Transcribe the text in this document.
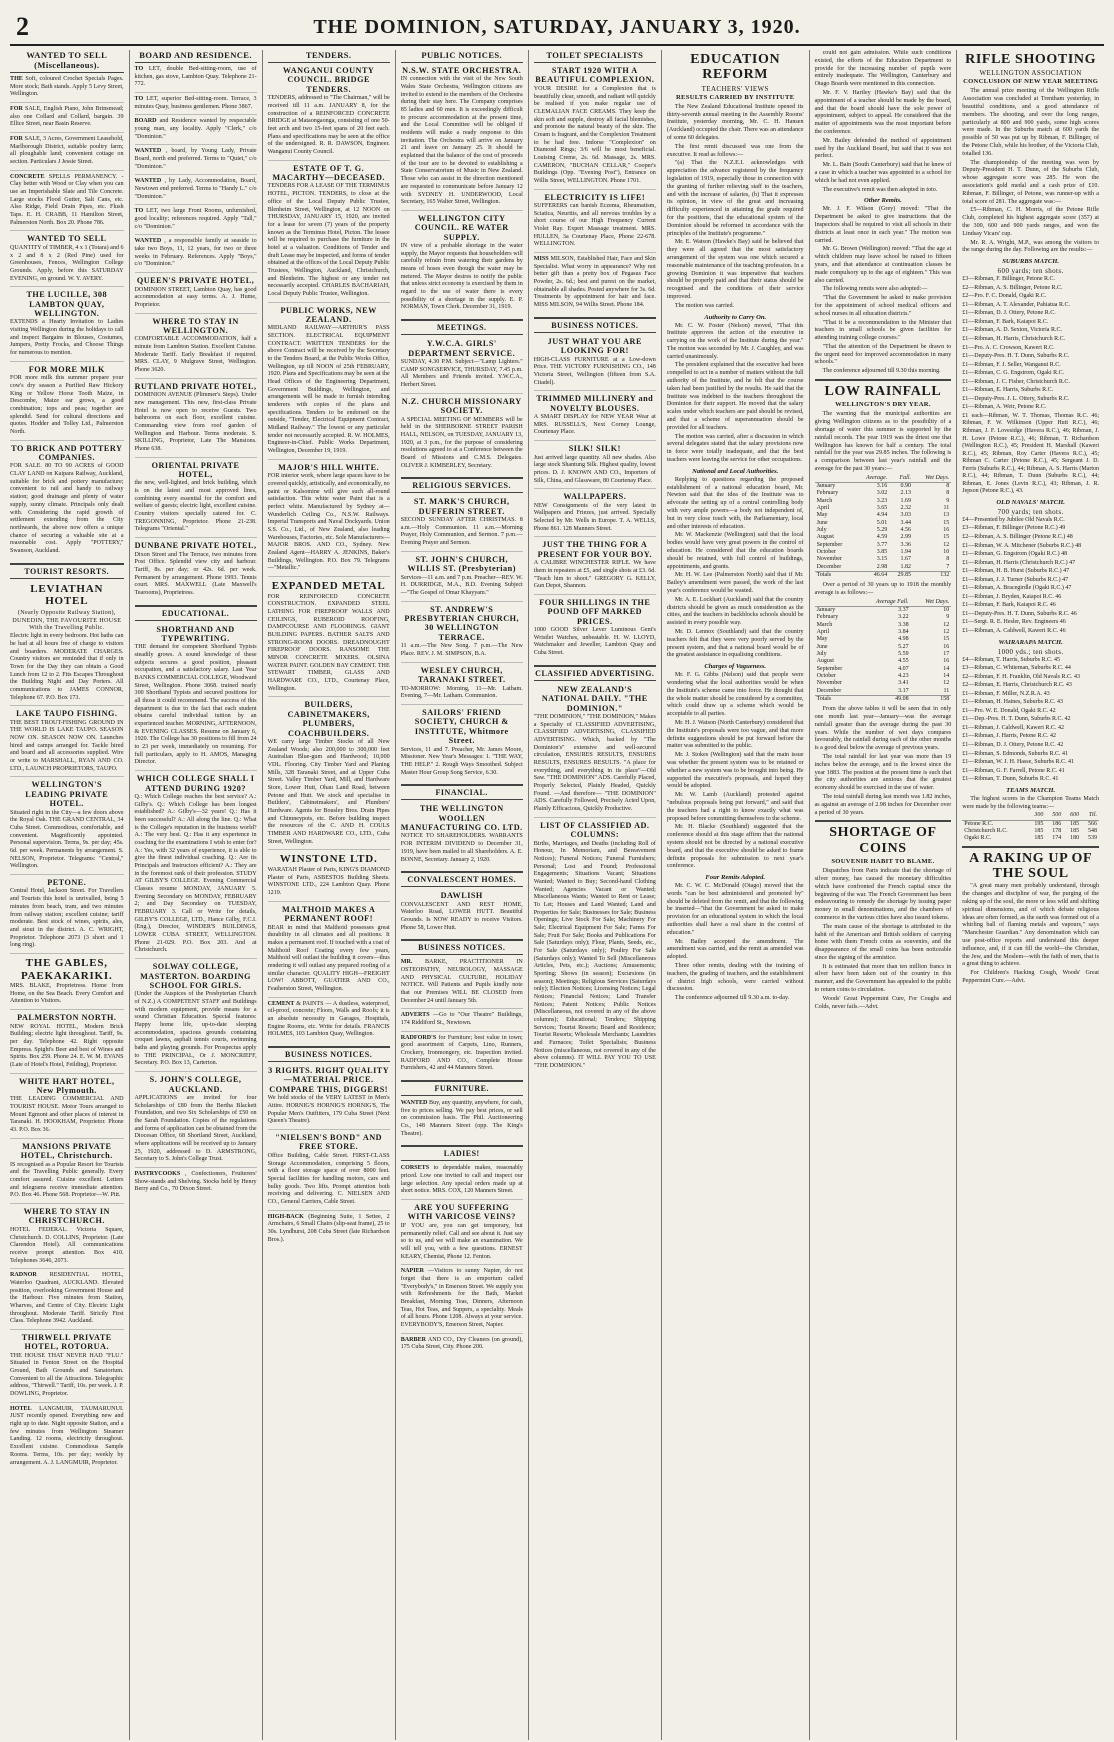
2	THE DOMINION, SATURDAY, JANUARY 3, 1920.
WANTED TO SELL (Miscellaneous).
THE Soft, coloured Crochet Specials Pages. More stock; Bath stands. Apply 5 Levy Street, Wellington.
FOR SALE, English Piano, John Brinsmead; also one Collard and Collard, bargain. 39 Ellice Street, near Basin Reserve.
FOR SALE, 3 Acres, Government Leasehold, Marlborough District, suitable poultry farm; all ploughable land; convenient cottage on section. Particulars J Jessie Street.
CONCRETE SPELLS PERMANENCY. - Clay better with Wood or Clay when you can use an Imperishable Slate and Tile Concrete. Large stocks Flood Gutter, Salt Cans, etc. Also Ridge, Field Drain Pipes, etc. Flush Taps. E. H. CRABB, 11 Hamilton Street, Palmerston North. Box 20. Phone 786.
WANTED TO SELL
QUANTITY of TIMBER, 4 x 1 (Totara) and 6 x 2 and 8 x 2 (Red Pine) used for Greenhouses, Fences, Wellington College Grounds. Apply, before this SATURDAY EVENING, on ground. W. Y. AVERY.
THE LUCILLE, 308 LAMBTON QUAY, WELLINGTON.
EXTENDS a Hearty Invitation to Ladies visiting Wellington during the holidays to call and inspect Bargains in Blouses, Costumes, Jumpers, Pretty Frocks, and Choose Things for numerous to mention.
FOR MORE MILK
FOR more milk this summer prepare your cow's dry season a Purified Raw Hickory King or Yellow Horse Tooth Maize, in Descombe, Maize ear grows, a good combination; tops and peas; together are splendid. Send for cultural directions and quotes. Hodder and Tolley Ltd., Palmerston North.
TO BRICK AND POTTERY COMPANIES.
FOR SALE. 80 TO 90 ACRES of GOOD CLAY LAND on Kaipara Railway, Auckland, suitable for brick and pottery manufacture; convenient to rail and handy to railway station; good drainage and plenty of water supply, sunny climate. Principals only dealt with. Considering the rapid growth of settlement extending from the City northwards, the above now offers a unique chance of securing a valuable site at a reasonable cost. Apply "POTTERY," Swanson, Auckland.
TOURIST RESORTS.
LEVIATHAN HOTEL
(Nearly Opposite Railway Station), DUNEDIN, THE FAVOURITE HOUSE With the Travelling Public.
Electric light in every bedroom. Hot baths can be had at all hours free of charge to visitors and boarders. MODERATE CHARGES. Country visitors are reminded that if only in Town for the Day they can obtain a Good Lunch from 12 to 2. Fits Escapes Throughout the Building Night and Day Porters. All communications to JAMES CONNOR, Telephone 67. P.O. Box 173.
LAKE TAUPO FISHING.
THE BEST TROUT-FISHING GROUND IN THE WORLD IS LAKE TAUPO. SEASON NOW ON. SEASON NOW ON. Launches hired and camps arranged for. Tackle hired and board and all accessories supplied. Wire or write to MARSHALL, RYAN AND CO. LTD., LAUNCH PROPRIETORS, TAUPO.
WELLINGTON'S LEADING PRIVATE HOTEL.
Situated right in the City—a few doors above the Royal Oak. THE GRAND CENTRAL, 34 Cuba Street. Commodious, comfortable, and convenient. Magnificently appointed. Personal supervision. Terms, 9s. per day; 45s. 6d. per week. Permanents by arrangement. S. NELSON, Proprietor. Telegrams: "Central," Wellington.
PETONE.
Central Hotel, Jackson Street. For Travellers and Tourists this hotel is unrivalled, being 5 minutes from beach, tram, and two minutes from railway station; excellent cuisine; tariff moderate. Best stock of wines, spirits, ales, and stout in the district. A. C. WRIGHT, Proprietor. Telephone 2073 (3 short and 1 long ring).
THE GABLES, PAEKAKARIKI.
MRS. BLAKE, Proprietress. Home from Home, on the Sea Beach. Every Comfort and Attention to Visitors.
PALMERSTON NORTH.
NEW ROYAL HOTEL, Modern Brick Building; electric light throughout. Tariff, 9s. per day. Telephone 42. Right opposite Empress. Spight's Beer and best of Wines and Spirits. Box 259. Phone 24. E. W. M. EVANS (Late of Hotel's Hotel, Feilding), Proprietor.
WHITE HART HOTEL, New Plymouth.
THE LEADING COMMERCIAL AND TOURIST HOUSE. Motor Tours arranged to Mount Egmont and other places of interest in Taranaki. H. HOOKHAM, Proprietor. Phone 43. P.O. Box 36.
MANSIONS PRIVATE HOTEL, Christchurch.
IS recognised as a Popular Resort for Tourists and the Travelling Public generally. Every comfort assured. Cuisine excellent. Letters and telegrams receive immediate attention. P.O. Box 46. Phone 568. Proprietor—W. Pitt.
WHERE TO STAY IN CHRISTCHURCH.
HOTEL FEDERAL. Victoria Square, Christchurch. D. COLLINS, Proprietor. (Late Clarendon Hotel). All communications receive prompt attention. Box 410. Telephones 3646, 2073.
RADNOR RESIDENTIAL HOTEL, Waterloo Quadrant, AUCKLAND. Elevated position, overlooking Government House and the Harbour. Five minutes from Station, Wharves, and Centre of City. Electric Light throughout. Moderate Tariff. Strictly First Class. Telephone 3942. Auckland.
THIRWELL PRIVATE HOTEL, ROTORUA.
THE HOUSE THAT NEVER HAD "FLU." Situated in Fenton Street on the Hospital Ground, Bath Grounds and Sanatorium. Convenient to all the Attractions. Telegraphic address, "Thirwell." Tariff, 10s. per week. J. P. DOWLING, Proprietor.
HOTEL LANGMUIR, TAUMARUNUI. JUST recently opened. Everything new and right up to date. Night opposite Station, and a few minutes from Wellington Steamer Landing. 12 rooms, electricity throughout. Excellent cuisine. Commodious Sample Rooms. Terms, 10s. per day; weekly by arrangement. A. J. LANGMUIR, Proprietor.
BOARD AND RESIDENCE.
TO LET, double Bed-sitting-room, use of kitchen, gas stove, Lambton Quay. Telephone 21-772.
TO LET, superior Bed-sitting-room. Terrace, 3 minutes Quay, business gentlemen. Phone 3867.
BOARD and Residence wanted by respectable young man, any locality. Apply "Clerk," c/o "Dominion."
WANTED , board, by Young Lady, Private Board, north end preferred. Terms to "Quiet," c/o "Dominion."
WANTED , by Lady, Accommodation, Board, Newtown end preferred. Terms to "Handy L." c/o "Dominion."
TO LET, two large Front Rooms, unfurnished, good locality; references required. Apply "Tall," c/o "Dominion."
WANTED , a responsible family at seaside to take two Boys, 11, 12 years, for two or three weeks in February. References. Apply "Boys," c/o "Dominion."
QUEEN'S PRIVATE HOTEL,
DOMINION STREET, Lambton Quay, has good accommodation at easy terms. A. J. Hume, Proprietor.
WHERE TO STAY IN WELLINGTON.
COMFORTABLE ACCOMMODATION, half a minute from Lambton Station. Excellent Cuisine. Moderate Tariff. Early Breakfast if required. MRS. CLAY, 9 Mulgrave Street, Wellington. Phone 3620.
RUTLAND PRIVATE HOTEL,
DOMINION AVENUE (Plimmer's Steps). Under new management. This new, first-class Private Hotel is now open to receive Guests. Two bathrooms on each floor, excellent cuisine. Commanding view from roof garden of Wellington and Harbour. Terms moderate. S. SKILLING, Proprietor, Late The Mansions. Phone 638.
ORIENTAL PRIVATE HOTEL,
the new, well-lighted, and brick building, which is on the latest and most approved lines, combining every essential for the comfort and welfare of guests; electric light, excellent cuisine. Country visitors specially catered for. C. TREGONNING, Proprietor. Phone 21-238. Telegrams "Oriental."
DUNBANE PRIVATE HOTEL,
Dixon Street and The Terrace, two minutes from Post Office. Splendid view city and harbour. Tariff, 8s. per day; or 42s. 6d. per week. Permanent by arrangement. Phone 1993. Tennis court. MRS. MAXWELL (Late Maxwell's Tearooms), Proprietress.
EDUCATIONAL.
SHORTHAND AND TYPEWRITING.
THE demand for competent Shorthand Typists steadily grows. A sound knowledge of these subjects secures a good position, pleasant occupation, and a satisfactory salary. Last Year BANKS COMMERCIAL COLLEGE, Woodward Street, Wellington. Phone 3068. trained nearly 300 Shorthand Typists and secured positions for all those it could recommend. The success of this department is due to the fact that each student obtains careful individual tuition by an experienced teacher. MORNING, AFTERNOON, & EVENING CLASSES. Resume on January 6, 1920. The College has 30 positions to fill from 24 to 23 per week, immediately on resuming. For full particulars, apply to H. AMOS, Managing Director.
WHICH COLLEGE SHALL I ATTEND DURING 1920?
Q.: Which College reaches the best service? A.: Gilby's. Q.: Which College has been longest established? A.: Gilby's—32 years! Q.: Has it been successful? A.: All along the line. Q.: What is the College's reputation in the business world? A.: The very best. Q.: Has it any experience in coaching for the examinations I wish to enter for? A.: Yes, with 32 years of experience, it is able to give the finest individual coaching. Q.: Are its Principals and Instructors efficient? A.: They are in the foremost rank of their profession. STUDY AT GILBY'S COLLEGE. Evening Commercial Classes resume MONDAY, JANUARY 5. Evening Secondary on MONDAY, FEBRUARY 2; and Day Secondary on TUESDAY, FEBRUARY 3. Call or Write for details, GILBY'S COLLEGE, LTD., Hance Gilby, F.C.I. (Eng.), Director, WINDER'S BUILDINGS, LOWER CUBA STREET, WELLINGTON. Phone 21-029. P.O. Box 203. And at Christchurch.
SOLWAY COLLEGE, MASTERTON. BOARDING SCHOOL FOR GIRLS.
(Under the Auspices of the Presbyterian Church of N.Z.) A COMPETENT STAFF and Buildings with modern equipment, provide means for a sound Christian Education. Special features: Happy home life, up-to-date sleeping accommodation, spacious grounds containing croquet lawns, asphalt tennis courts, swimming baths and playing grounds. For Prospectus apply to THE PRINCIPAL, Or J. MONCRIEFF, Secretary. P.O. Box 13, Carterton.
S. JOHN'S COLLEGE, AUCKLAND.
APPLICATIONS are invited for four Scholarships of £80 from the Bertha Blackett Foundation, and two Six Scholarships of £50 on the Sarah Foundation. Copies of the regulations and forms of application can be obtained from the Diocesan Office, 68 Shortland Street, Auckland, where applications will be received up to January 25, 1920, addressed to D. ARMSTRONG, Secretary to S. John's College Trust.
PASTRYCOOKS , Confectioners, Fruiterers' Show-stands and Shelving. Stocks held by Henry Berry and Co., 70 Dixon Street.
TENDERS.
WANGANUI COUNTY COUNCIL. BRIDGE TENDERS.
TENDERS, addressed to "The Chairman," will be received till 11 a.m. JANUARY 8, for the construction of a REINFORCED CONCRETE BRIDGE at Mataongaonga, consisting of one 50-feet arch and two 15-feet spans of 20 feet each. Plans and specifications may be seen at the office of the undersigned. R. R. DAWSON, Engineer. Wanganui County Council.
ESTATE OF T. G. MACARTHY—DECEASED.
TENDERS FOR A LEASE OF THE TERMINUS HOTEL, PICTON. TENDERS, to close at the office of the Local Deputy Public Trustee, Blenheim Street, Wellington, at 12 NOON on THURSDAY, JANUARY 15, 1920, are invited for a lease for seven (7) years of the property known as the Terminus Hotel, Picton. The lessee will be required to purchase the furniture in the hotel at a valuation. Conditions of Tender and draft Lease may be inspected, and forms of tender obtained at the offices of the Local Deputy Public Trustees, Wellington, Auckland, Christchurch, and Blenheim. The highest or any tender not necessarily accepted. CHARLES BACHARIAH, Local Deputy Public Trustee, Wellington.
PUBLIC WORKS, NEW ZEALAND.
MIDLAND RAILWAY—ARTHUR'S PASS SECTION. ELECTRICAL EQUIPMENT CONTRACT. WRITTEN TENDERS for the above Contract will be received by the Secretary to the Tenders Board, at the Public Works Office, Wellington, up till NOON of 25th FEBRUARY, 1920. Plans and Specifications may be seen at the Head Offices of the Engineering Department, Government Buildings, Wellington, and arrangements will be made to furnish intending tenderers with copies of the plans and specifications. Tenders to be endorsed on the outside, "Tender, Electrical Equipment Contract, Midland Railway." The lowest or any particular tender not necessarily accepted. R. W. HOLMES, Engineer-in-Chief. Public Works Department, Wellington, December 19, 1919.
MAJOR'S HILL WHITE.
FOR interior work, where large spaces have to be covered quickly, artistically, and economically, no paint or Kalsomine will give such all-round satisfaction. This white water Paint that is a perfect white. Manufactured by Sydney at—Wunderlich Ceiling Co., N.S.W. Railways. Imperial Transports and Naval Dockyards. Union S.S. Co., Ltd., of New Zealand, also leading Warehouses, Factories, etc. Sole Manufacturers—MAJOR BROS. AND CO., Sydney. New Zealand Agent—HARRY A. JENKINS, Baker's Buildings, Wellington. P.O. Box 79. Telegrams—"Metallic."
EXPANDED METAL
FOR REINFORCED CONCRETE CONSTRUCTION. EXPANDED STEEL LATHING FOR FIREPROOF WALLS AND CEILINGS, RUBEROID ROOFING, DAMPCOURSE AND FLOORINGS. GIANT BUILDING PAPERS. BATHER SALTS AND STRONG-ROOM DOORS. DREADNOUGHT FIREPROOF DOORS. RANSOME THE MINOR CONCRETE MIXERS. OLSINA WATER PAINT. GOLDEN BAY CEMENT. THE STEWART TIMBER, GLASS AND HARDWARE CO., LTD., Courtenay Place, Wellington.
BUILDERS, CABINETMAKERS, PLUMBERS, COACHBUILDERS.
WE carry large Timber Stocks of all New Zealand Woods; also 200,000 to 300,000 feet Australian Blue-gum and Hardwood; 10,000 VDL. Flooring. City Timber Yard and Planing Mills, 328 Taranaki Street, and at Upper Cuba Street. Valley Timber Yard, Mill, and Hardware Store, Lower Hutt, Ohau Land Road, between Petone and Hutt. We stock and specialise in Builders', Cabinetmakers', and Plumbers' Hardware. Agents for Bousley Bros. Drain Pipes and Chimneypots, etc. Before building inspect the resources of the C. AND H. COULS TIMBER AND HARDWARE CO., LTD., Cuba Street, Wellington.
WINSTONE LTD.
WARATAH Plaster of Paris, KING'S DIAMOND Plaster of Paris, ASBESTOS Building Sheets. WINSTONE LTD., 224 Lambton Quay. Phone 1219.
MALTHOID MAKES A PERMANENT ROOF!
BEAR in mind that Malthoid possesses great durability in all climates and all positions. It makes a permanent roof. If touched with a coat of Malthoid Roof Coating every few years, Malthoid will outlast the building it covers—thus rendering it will outlast any prepared roofing of a similar character. QUALITY HIGH—FREIGHT LOW! ABBOTT, GUATIER AND CO., Featherston Street, Wellington.
CEMENT & PAINTS — A dustless, waterproof, oil-proof, concrete; Floors, Walls and Roofs; it is an absolute necessity in Garages, Hospitals, Engine Rooms, etc. Write for details. FRANCIS HOLMES, 103 Lambton Quay, Wellington.
BUSINESS NOTICES.
3 RIGHTS. RIGHT QUALITY—MATERIAL PRICE. COMPARE THIS, DIGGERS!
We hold stocks of the VERY LATEST in Men's Attire. HORNIG'S HORNIG'S HORNIG'S, The Popular Men's Outfitters, 179 Cuba Street (Next Queen's Theatre).
"NIELSEN'S BOND" AND FREE STORE.
Office Building, Cable Street. FIRST-CLASS Storage Accommodation, comprising 5 floors, with a floor storage space of over 8000 feet. Special facilities for handling motors, cars and bulky goods. Two lifts. Prompt attention both receiving and delivering. C. NIELSEN AND CO., General Carriers, Cable Street.
HIGH-BACK (Beginning Suite, 1 Settee, 2 Armchairs, 6 Small Chairs (slip-seat frame), 25 to 30s. Lyndhurst, 208 Cuba Street (late Richardson Bros.).
PUBLIC NOTICES.
N.S.W. STATE ORCHESTRA.
IN connection with the visit of the New South Wales State Orchestra, Wellington citizens are invited to extend to the members of the Orchestra during their stay here. The Company comprises 85 ladies and 60 men. It is exceedingly difficult to procure accommodation at the present time, and the Local Committee will be obliged if residents will make a ready response to this invitation. The Orchestra will arrive on January 21 and leave on January 25. It should be explained that the balance of the cost of proceeds of the tour are to be devoted to establishing a State Conservatorium of Music in New Zealand. Those who can assist in the direction mentioned are requested to communicate before January 12 with SYDNEY H. UNDERWOOD, Local Secretary, 165 Walter Street, Wellington.
WELLINGTON CITY COUNCIL. RE WATER SUPPLY.
IN view of a probable shortage in the water supply, the Mayor requests that householders will carefully refrain from watering their gardens by means of hoses even though the water may be metered. The Mayor desires to notify the public that unless strict economy is exercised by them in regard to the use of water there is every possibility of a shortage in the supply. E. P. NORMAN, Town Clerk. December 31, 1919.
MEETINGS.
Y.W.C.A. GIRLS' DEPARTMENT SERVICE.
SUNDAY, 4.30 P.M. Subject—"Lamp Lighters." CAMP SONGSERVICE, THURSDAY, 7.45 p.m. All Members and Friends invited. Y.W.C.A., Herbert Street.
N.Z. CHURCH MISSIONARY SOCIETY.
A SPECIAL MEETING OF MEMBERS will be held in the SHERBORNE STREET PARISH HALL, NELSON, on TUESDAY, JANUARY 13, 1920, at 3 p.m., for the purpose of considering resolutions agreed to at a Conference between the Board of Missions and C.M.S. Delegates. OLIVER J. KIMBERLEY, Secretary.
RELIGIOUS SERVICES.
ST. MARK'S CHURCH, DUFFERIN STREET.
SECOND SUNDAY AFTER CHRISTMAS. 8 a.m.—Holy Communion. 11 a.m.—Morning Prayer, Holy Communion, and Sermon. 7 p.m.—Evening Prayer and Sermon.
ST. JOHN'S CHURCH, WILLIS ST. (Presbyterian)
Services—11 a.m. and 7 p.m. Preacher—REV. W. H. DURRIDGE, M.A., B.D. Evening Subject—"The Gospel of Omar Khayyam."
ST. ANDREW'S PRESBYTERIAN CHURCH, 30 WELLINGTON TERRACE.
11 a.m.—The New Song. 7 p.m.—The New Place. REV. J. M. SIMPSON, B.A.
WESLEY CHURCH, TARANAKI STREET.
TO-MORROW: Morning, 11—Mr. Latham. Evening, 7—Mr. Latham. Communion.
SAILORS' FRIEND SOCIETY, CHURCH & INSTITUTE, Whitmore Street.
Services, 11 and 7. Preacher, Mr. James Moore, Missioner. New Year's Messages: 1. "THE WAY, THE HELP." 2. Rough Ways Smoothed. Subject Master Hour Group Song Service, 6.30.
FINANCIAL.
THE WELLINGTON WOOLLEN MANUFACTURING CO. LTD.
NOTICE TO SHAREHOLDERS. WARRANTS FOR INTERIM DIVIDEND to December 31, 1919, have been mailed to all Shareholders. A. E. BONNE, Secretary. January 2, 1920.
CONVALESCENT HOMES.
DAWLISH
CONVALESCENT AND REST HOME, Waterloo Road, LOWER HUTT. Beautiful Grounds. Is NOW READY to receive Visitors. Phone 58, Lower Hutt.
BUSINESS NOTICES.
MR. BARKE, PRACTITIONER IN OSTEOPATHY, NEUROLOGY, MASSAGE AND PHYSICAL CULTURE, HOLIDAY NOTICE. Will Patients and Pupils kindly note that our Premises WILL BE CLOSED from December 24 until January 5th.
ADVERTS —Go to "Our Theatre" Buildings, 174 Riddiford St., Newtown.
RADFORD'S for Furniture; best value in town; good assortment of Carpets, Lino, Runners, Crockery, Ironmongery, etc. Inspection invited. RADFORD AND CO., Complete House Furnishers, 42 and 44 Manners Street.
FURNITURE.
WANTED Buy, any quantity, anywhere, for cash, five to prices selling. We pay best prices, or sell on commission basis. The Phil. Auctioneering Co., 148 Manners Street (opp. The King's Theatre).
LADIES!
CORSETS to dependable makes, reasonably priced. Low one invited to call and inspect our large selection. Any special orders made up at short notice. MRS. COX, 120 Manners Street.
ARE YOU SUFFERING WITH VARICOSE VEINS?
IF YOU are, you can get temporary, but permanently relief. Call and see about it. Just say so to us, and we will make an examination. We will tell you, with a few questions. ERNEST KEARY, Chemist, Phone 12. Fenton.
NAPIER —Visitors to sunny Napier, do not forget that there is an emporium called "Everybody's," in Emerson Street. We supply you with Refreshments for the Bath, Market Breakfast, Morning Teas, Dinners, Afternoon Teas, Hot Teas, and Suppers, a speciality. Meals of all hours. Phone 1208. Always at your service. EVERYBODY'S, Emerson Street, Napier.
BARBER AND CO., Dry Cleaners (on ground), 175 Cuba Street, City. Phone 200.
TOILET SPECIALISTS
START 1920 WITH A BEAUTIFUL COMPLEXION.
YOUR DESIRE for a Complexion that is beautifully clear, smooth, and radiant will quickly be realised if you make regular use of CLEMALIAN FACE CREAMS. They keep the skin soft and supple, destroy all facial blemishes, and promote the natural beauty of the skin. The Cream is fragrant, and the Complexion Treatment to be had free. Indorse "Complexion" on Diamond Rings; 3/6 will be most beneficial. Louising Creme, 2s. 6d. Massage, 2s. MRS. CAMERON, "BUCHAN CELLAR," Cooper's Buildings (Opp. "Evening Post"), Entrance on Willis Street, WELLINGTON. Phone 1701.
ELECTRICITY IS LIFE!
SUFFERERS can banish Eczema, Rheumatism, Sciatica, Neuritis, and all nervous troubles by a short course of our High Frequency Current Violet Ray. Expert Massage treatment. MRS. HULLEN, 3a Courtenay Place, Phone 22-678. WELLINGTON.
MISS MILSON, Established Hair, Face and Skin Specialist. What worry in appearance? Why not better gift than a pretty box of Pegasus Face Powder, 2s. 6d.; best and purest on the market, obtainable all shades. Posted anywhere for 3s. 6d. Treatments by appointment for hair and face. MISS MILSON, 94 Willis Street. Phone 184.
BUSINESS NOTICES.
JUST WHAT YOU ARE LOOKING FOR!
HIGH-CLASS FURNITURE at a Low-down Price. THE VICTORY FURNISHING CO., 148 Victoria Street, Wellington (fifteen from S.A. Citadel).
TRIMMED MILLINERY and NOVELTY BLOUSES.
A SMART DISPLAY for NEW YEAR Wear at MRS. RUSSELL'S, Next Corney Lounge, Courtenay Place.
SILK! SILK!
Just arrived large quantity. All new shades. Also large stock Shantung Silk. Highest quality, lowest prices. D. J. KNOWN AND CO., Importers of Silk, China, and Glassware, 80 Courtenay Place.
WALLPAPERS.
NEW Consignments of the very latest in Wallpapers and Friezes, just arrived. Specially Selected by Mr. Wells in Europe. T. A. WELLS, Phone 861. 128 Manners Street.
JUST THE THING FOR A PRESENT FOR YOUR BOY.
A CALIBRE WINCHESTER RIFLE. We have them in repeaters at £5, and single shots at £3. 6d. "Teach him to shoot." GREGORY G. KELLY, Gun Depot, Shannon.
FOUR SHILLINGS IN THE POUND OFF MARKED PRICES.
1000 GOOD Silver Lever Luminous Gent's Wristlet Watches, unbeatable. H. W. LLOYD, Watchmaker and Jeweller, Lambton Quay and Cuba Street.
CLASSIFIED ADVERTISING.
NEW ZEALAND'S NATIONAL DAILY. "THE DOMINION."
"THE DOMINION," "THE DOMINION," Makes a Specialty of CLASSIFIED ADVERTISING, CLASSIFIED ADVERTISING, CLASSIFIED ADVERTISING. Which, backed by "The Dominion's" extensive and well-secured circulation, ENSURES RESULTS, ENSURES RESULTS, ENSURES RESULTS. "A place for everything, and everything in its place"—Old Saw. "THE DOMINION" ADS. Carefully Placed, Properly Selected, Plainly Headed, Quickly Found. —And therefore— "THE DOMINION" ADS. Carefully Followed, Precisely Acted Upon, Plainly Efficacious, Quickly Productive.
LIST OF CLASSIFIED AD. COLUMNS:
Births, Marriages, and Deaths (including Roll of Honour, In Memoriam, and Bereavement Notices); Funeral Notices; Funeral Furnishers; Personal; Lost and Found; Professional Engagements; Situations Vacant; Situations Wanted; Wanted to Buy; Second-hand Clothing Wanted; Agencies Vacant or Wanted; Miscellaneous Wants; Wanted to Rent or Lease; To Let; Houses and Land Wanted; Land and Properties for Sale; Businesses for Sale; Business Openings; Live Stock For Sale; Machinery For Sale; Electrical Equipment For Sale; Farms For Sale; Fruit For Sale; Books and Publications For Sale (Saturdays only); Flour, Plants, Seeds, etc., For Sale (Saturdays only); Poultry For Sale (Saturdays only); Wanted To Sell (Miscellaneous Articles, Pets, etc.); Auctions; Amusements; Sporting; Shows (in season); Excursions (in season); Meetings; Religious Services (Saturdays only); Election Notices; Licensing Notices; Legal Notices; Financial Notices; Land Transfer Notices; Patent Notices; Public Notices (Miscellaneous, not covered in any of the above columns); Educational; Tenders; Shipping Services; Tourist Resorts; Board and Residence; Tourist Resorts; Wholesale Merchants; Laundries and Furnaces; Toilet Specialists; Business Notices (miscellaneous, not covered in any of the above columns). IT WILL PAY YOU TO USE "THE DOMINION."
EDUCATION REFORM
TEACHERS' VIEWS
RESULTS CARRIED BY INSTITUTE
The New Zealand Educational Institute opened its thirty-seventh annual meeting in the Assembly Rooms' Institute, yesterday morning, Mr. C. H. Hansen (Auckland) occupied the chair. There was an attendance of some 60 delegates.
The first remit discussed was one from the executive. It read as follows:—
"(a) That the N.Z.E.I. acknowledges with appreciation the advance registered by the frequency legislation of 1919, especially those in connection with the granting of further relieving staff to the teachers, and with the increase of salaries, (b) That it expresses its opinion, in view of the great and increasing difficulty experienced in attaining the grade required for the positions, that the educational system of the Dominion should be reformed in accordance with the principles of the Institute's programme."
Mr. E. Watson (Hawke's Bay) said he believed that they were all agreed that the most satisfactory arrangement of the system was one which secured a reasonable maintenance of the teaching profession. In a growing Dominion it was imperative that teachers should be properly paid and that their status should be recognised and the conditions of their service improved.
The motion was carried.
Authority to Carry On.
Mr. C. W. Foster (Nelson) moved, "That this Institute approves the action of the executive in carrying on the work of the Institute during the year." The motion was seconded by Mr. J. Caughley, and was carried unanimously.
The president explained that the executive had been compelled to act in a number of matters without the full authority of the Institute, and he felt that the course taken had been justified by the results. He said that the Institute was indebted to the teachers throughout the Dominion for their support. He moved that the salary scales under which teachers are paid should be revised, and that a scheme of superannuation should be provided for all teachers.
The motion was carried, after a discussion in which several delegates stated that the salary provisions now in force were totally inadequate, and that the best teachers were leaving the service for other occupations.
National and Local Authorities.
Replying to questions regarding the proposed establishment of a national education board, Mr. Newton said that the idea of the Institute was to advocate the setting up of a central controlling body with very ample powers—a body not independent of, but in very close touch with, the Parliamentary, local and other interests of education.
Mr. W. Mackenzie (Wellington) said that the local bodies would have very great powers in the control of education. He considered that the education boards should be retained, with full control of buildings, appointments, and grants.
Mr. H. W. Lee (Palmerston North) said that if Mr. Bailey's amendment were passed, the work of the last year's conference would be wasted.
Mr. A. E. Lockhart (Auckland) said that the country districts should be given as much consideration as the cities, and the teachers in backblocks schools should be assisted in every possible way.
Mr. D. Lennox (Southland) said that the country teachers felt that they were very poorly served by the present system, and that a national board would be of the greatest assistance in equalising conditions.
Charges of Vagueness.
Mr. F. G. Gibbs (Nelson) said that people were wondering what the local authorities would be when the Institute's scheme came into force. He thought that the whole matter should be considered by a committee, which could draw up a scheme which would be acceptable to all parties.
Mr. H. J. Watson (North Canterbury) considered that the Institute's proposals were too vague, and that more definite suggestions should be put forward before the matter was submitted to the public.
Mr. J. Stokes (Wellington) said that the main issue was whether the present system was to be retained or whether a new system was to be brought into being. He supported the executive's proposals, and hoped they would be adopted.
Mr. W. Lamb (Auckland) protested against "nebulous proposals being put forward," and said that the teachers had a right to know exactly what was proposed before committing themselves to the scheme.
Mr. H. Blacke (Southland) suggested that the conference should at this stage affirm that the national system should not be directed by a national executive board, and that the executive should be asked to frame definite proposals for submission to next year's conference.
Four Remits Adopted.
Mr. C. W. C. McDonald (Otago) moved that the words "can be best administered and promoted by" should be deleted from the remit, and that the following be inserted—"that the Government be asked to make provision for an educational system in which the local authorities shall have a real share in the control of education."
Mr. Bailey accepted the amendment. The amendment was carried, and the remit as amended was adopted.
Three other remits, dealing with the training of teachers, the grading of teachers, and the establishment of district high schools, were carried without discussion.
The conference adjourned till 9.30 a.m. to-day.
could not gain admission. While such conditions existed, the efforts of the Education Department to provide for the increasing number of pupils were entirely inadequate. The Wellington, Canterbury and Otago Boards were mentioned in this connection.
Mr. F. V. Hartley (Hawke's Bay) said that the appointment of a teacher should be made by the board, and that the board should have the sole power of appointment, subject to appeal. He considered that the matter of appointments was the most important before the conference.
Mr. Bailey defended the method of appointment used by the Auckland Board, but said that it was not perfect.
Mr. L. Bain (South Canterbury) said that he knew of a case in which a teacher was appointed to a school for which he had not even applied.
The executive's remit was then adopted in toto.
Other Remits.
Mr. J. F. Wilson (Grey) moved: "That the Department be asked to give instructions that the Inspectors shall be required to visit all schools in their districts at least once in each year." The motion was carried.
Mr. G. Brown (Wellington) moved: "That the age at which children may leave school be raised to fifteen years, and that attendance at continuation classes be made compulsory up to the age of eighteen." This was also carried.
The following remits were also adopted:—
"That the Government be asked to make provision for the appointment of school medical officers and school nurses in all education districts."
"That it be a recommendation to the Minister that teachers in small schools be given facilities for attending training college courses."
"That the attention of the Department be drawn to the urgent need for improved accommodation in many schools."
The conference adjourned till 9.30 this morning.
LOW RAINFALL
WELLINGTON'S DRY YEAR.
The warning that the municipal authorities are giving Wellington citizens as to the possibility of a shortage of water this summer is supported by the rainfall records. The year 1919 was the driest one that Wellington has known for half a century. The total rainfall for the year was 29.85 inches. The following is a comparison between last year's rainfall and the average for the past 30 years:—
	Average.	Fall.	Wet Days.
January	3.16	0.90	8
February	3.02	2.13	8
March	3.23	1.69	9
April	3.65	2.32	11
May	4.94	3.03	13
June	5.01	3.44	15
July	5.29	4.56	16
August	4.59	2.99	15
September	3.77	3.36	12
October	3.85	1.94	10
November	3.15	1.67	8
December	2.98	1.82	7
Totals	46.64	29.85	132
Over a period of 30 years up to 1918 the monthly average is as follows:—
	Average Fall.	Wet Days.
January	3.37	10
February	3.22	9
March	3.38	12
April	3.84	12
May	4.98	15
June	5.27	16
July	5.59	17
August	4.55	16
September	4.07	14
October	4.23	14
November	3.41	12
December	3.17	11
Totals	49.08	158
From the above tables it will be seen that in only one month last year—January—was the average rainfall greater than the average during the past 30 years. While the number of wet days compares favourably, the rainfall during each of the other months is a good deal below the average of previous years.
The total rainfall for last year was more than 19 inches below the average, and is the lowest since the year 1883. The position at the present time is such that the city authorities are anxious that the greatest economy should be exercised in the use of water.
The total rainfall during last month was 1.82 inches, as against an average of 2.98 inches for December over a period of 30 years.
SHORTAGE OF COINS
SOUVENIR HABIT TO BLAME.
Dispatches from Paris indicate that the shortage of silver money, has caused the monetary difficulties which have confronted the French capital since the beginning of the war. The French Government has been endeavouring to remedy the shortage by issuing paper money in small denominations, and the chambers of commerce in the various cities have also issued tokens.
The main cause of the shortage is attributed to the habit of the American and British soldiers of carrying home with them French coins as souvenirs, and the disappearance of the small coins has been noticeable since the signing of the armistice.
It is estimated that more than ten million francs in silver have been taken out of the country in this manner, and the Government has appealed to the public to return coins to circulation.
Woods' Great Peppermint Cure, For Coughs and Colds, never fails.—Advt.
RIFLE SHOOTING
WELLINGTON ASSOCIATION
CONCLUSION OF NEW YEAR MEETING
The annual prize meeting of the Wellington Rifle Association was concluded at Trentham yesterday, in beautiful conditions, and a good attendance of members. The shooting, and over the long ranges, particularly at 800 and 900 yards, some high scores were made. In the Suburbs match at 600 yards the possible of 50 was put up by Ribman, F. Billinger, of the Petone Club, while his brother, of the Victoria Club, totalled 136.
The championship of the meeting was won by Deputy-President H. T. Dunn, of the Suburbs Club, whose aggregate score was 285. He won the association's gold medal and a cash prize of £10. Ribman, F. Billinger, of Petone, was runner-up with a total score of 281. The aggregate was:—
£5—Ribman, C. H. Morris, of the Petone Rifle Club, completed his highest aggregate score (357) at the 300, 600 and 900 yards ranges, and won the Lindsay Vicars' cup.
Mr. R. A. Wright, M.P., was among the visitors to the range during the day. Following are the results:—
SUBURBS MATCH.
600 yards; ten shots.
£3—Ribman, F. Billinger, Petone R.C.
£2—Ribman, A. S. Billinger, Petone R.C.
£2—Pro. F. C. Donald, Ogaki R.C.
£1—Ribman, A. T. Alexander, Pahiatua R.C.
£1—Ribman, D. J. Ottery, Petone R.C.
£1—Ribman, F. Bark, Kaiapoi R.C.
£1—Ribman, A. D. Sexton, Victoria R.C.
£1—Ribman, H. Harris, Christchurch R.C.
£1—Pro. A. C. Crowson, Kaweri R.C.
£1—Deputy-Pres. H. T. Dunn, Suburbs R.C.
£1—Ribman, F. J. Seller, Wanganui R.C.
£1—Ribman, C. G. Engstrom, Ogaki R.C.
£1—Ribman, J. C. Fisher, Christchurch R.C.
£1—Ribman, E. Harris, Suburbs R.C.
£1—Deputy-Pres. J. L. Ottery, Suburbs R.C.
£1—Ribman, A. Weir, Petone R.C.
£1 each—Ribman, W. T. Thomas, Thomas R.C. 46; Ribman, F. W. Wilkinson (Upper Hutt R.C.), 46; Ribman, J. F. Lovesidge (Havera R.C.), 46; Ribman, J. H. Lowe (Petone R.C.), 46; Ribman, T. Richardson (Wellington R.C.), 45; President H. Marshall (Kaweri R.C.), 45; Ribman, Roy Carter (Havera R.C.), 45; Ribman C. Carter (Petone R.C.), 45; Sergeant J. D. Ferris (Suburbs R.C.), 44; Ribman, A. S. Harris (Marton R.C.), 44; Ribman, T. Dunn (Suburbs R.C.), 44; Ribman, E. Jones (Levin R.C.), 43; Ribman, J. R. Jepson (Petone R.C.), 43.
OLD NAVALS' MATCH.
700 yards; ten shots.
£4—Presented by Jubilee Old Navals R.C.
£3—Ribman, F. Billinger (Petone R.C.) 49
£2—Ribman, A. S. Billinger (Petone R.C.) 48
£1—Ribman, W. A. Mitchener (Suburbs R.C.) 48
£1—Ribman, G. Engstrom (Ogaki R.C.) 48
£1—Ribman, H. Harris (Christchurch R.C.) 47
£1—Ribman, H. B. Hurst (Suburbs R.C.) 47
£1—Ribman, J. J. Turner (Suburbs R.C.) 47
£1—Ribman, A. Bracegirdle (Ogaki R.C.) 47
£1—Ribman, J. Bryden, Kaiapoi R.C. 46
£1—Ribman, F. Bark, Kaiapoi R.C. 46
£1—Deputy-Pres. H. T. Dunn, Suburbs R.C. 46
£1—Sergt. R. E. Hesler, Rev. Engineers 46
£1—Ribman, A. Caldwell, Kaweri R.C. 46
WAIRARAPA MATCH.
1000 yds.; ten shots.
£4—Ribman, T. Harris, Suburbs R.C. 45
£3—Ribman, C. Whiteman, Suburbs R.C. 44
£2—Ribman, F. H. Franklin, Old Navals R.C. 43
£2—Ribman, E. Harris, Christchurch R.C. 43
£1—Ribman, F. Miller, N.Z.R.A. 43
£1—Ribman, H. Haines, Suburbs R.C. 43
£1—Pro. W. E. Donald, Ogaki R.C. 42
£1—Dep.-Pres. H. T. Dunn, Suburbs R.C. 42
£1—Ribman, J. Caldwell, Kaweri R.C. 42
£1—Ribman, J. Harris, Petone R.C. 42
£1—Ribman, D. J. Ottery, Petone R.C. 42
£1—Ribman, S. Edmonds, Suburbs R.C. 41
£1—Ribman, W. J. H. Hasse, Suburbs R.C. 41
£1—Ribman, G. F. Farrell, Petone R.C. 41
£1—Ribman, T. Dunn, Suburbs R.C. 41
TEAMS MATCH.
The highest scores in the Champion Teams Match were made by the following teams:—
	300	500	600	Ttl.
Petone R.C.	195	186	185	566
Christchurch R.C.	185	178	185	548
Ogaki R.C.	185	174	180	539
A RAKING UP OF THE SOUL
"A great many men probably understand, through the changes and discipline of war, the purging of the raking up of the soul, the more or less wild and shifting spiritual dimensions, and of which debate religious ideas are often formed, as the earth was formed out of a whirling ball of flaming metals and vapours," says "Manchester Guardian." Any denomination which can use post-office reports and understand this deeper influence, and, if it can fill the world—the Christian, the Jew, and the Moslem—with the faith of men, that is a great thing to achieve.
For Children's Hacking Cough, Woods' Great Peppermint Cure.—Advt.
